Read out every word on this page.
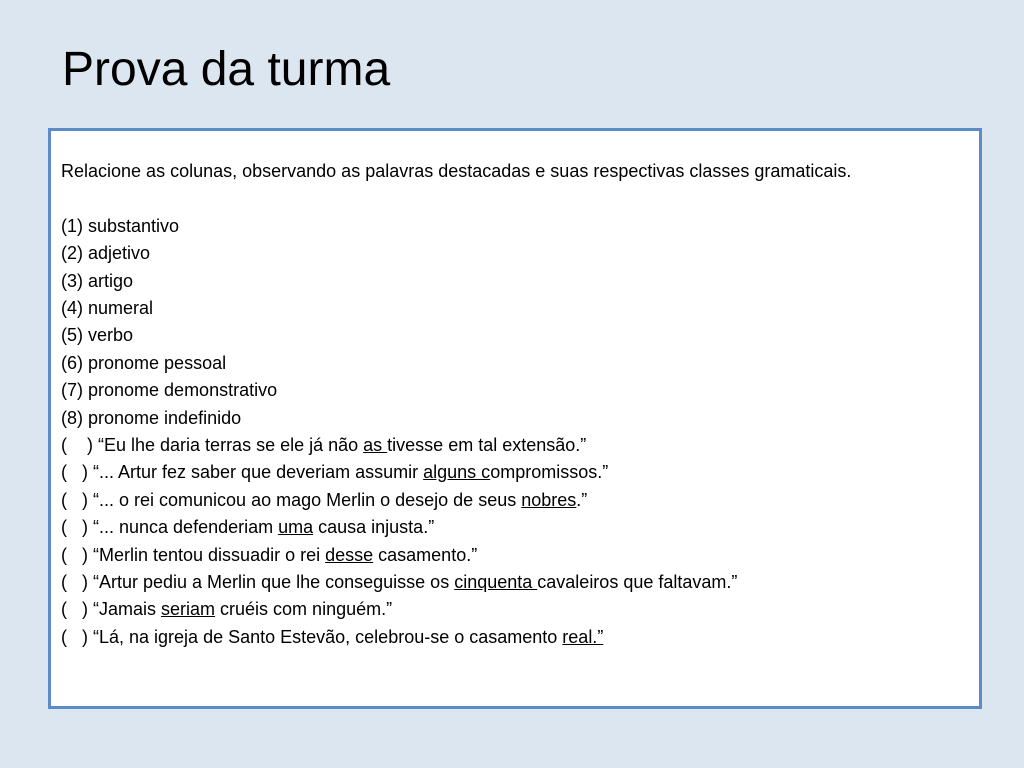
Prova da turma
Relacione as colunas, observando as palavras destacadas e suas respectivas classes gramaticais.
(1) substantivo
(2) adjetivo
(3) artigo
(4) numeral
(5) verbo
(6) pronome pessoal
(7) pronome demonstrativo
(8) pronome indefinido
(    ) “Eu lhe daria terras se ele já não as tivesse em tal extensão.”
(   ) “... Artur fez saber que deveriam assumir alguns compromissos.”
(   ) “... o rei comunicou ao mago Merlin o desejo de seus nobres.”
(   ) “... nunca defenderiam uma causa injusta.”
(   ) “Merlin tentou dissuadir o rei desse casamento.”
(   ) “Artur pediu a Merlin que lhe conseguisse os cinquenta cavaleiros que faltavam.”
(   ) “Jamais seriam cruéis com ninguém.”
(   ) “Lá, na igreja de Santo Estevão, celebrou-se o casamento real.”
